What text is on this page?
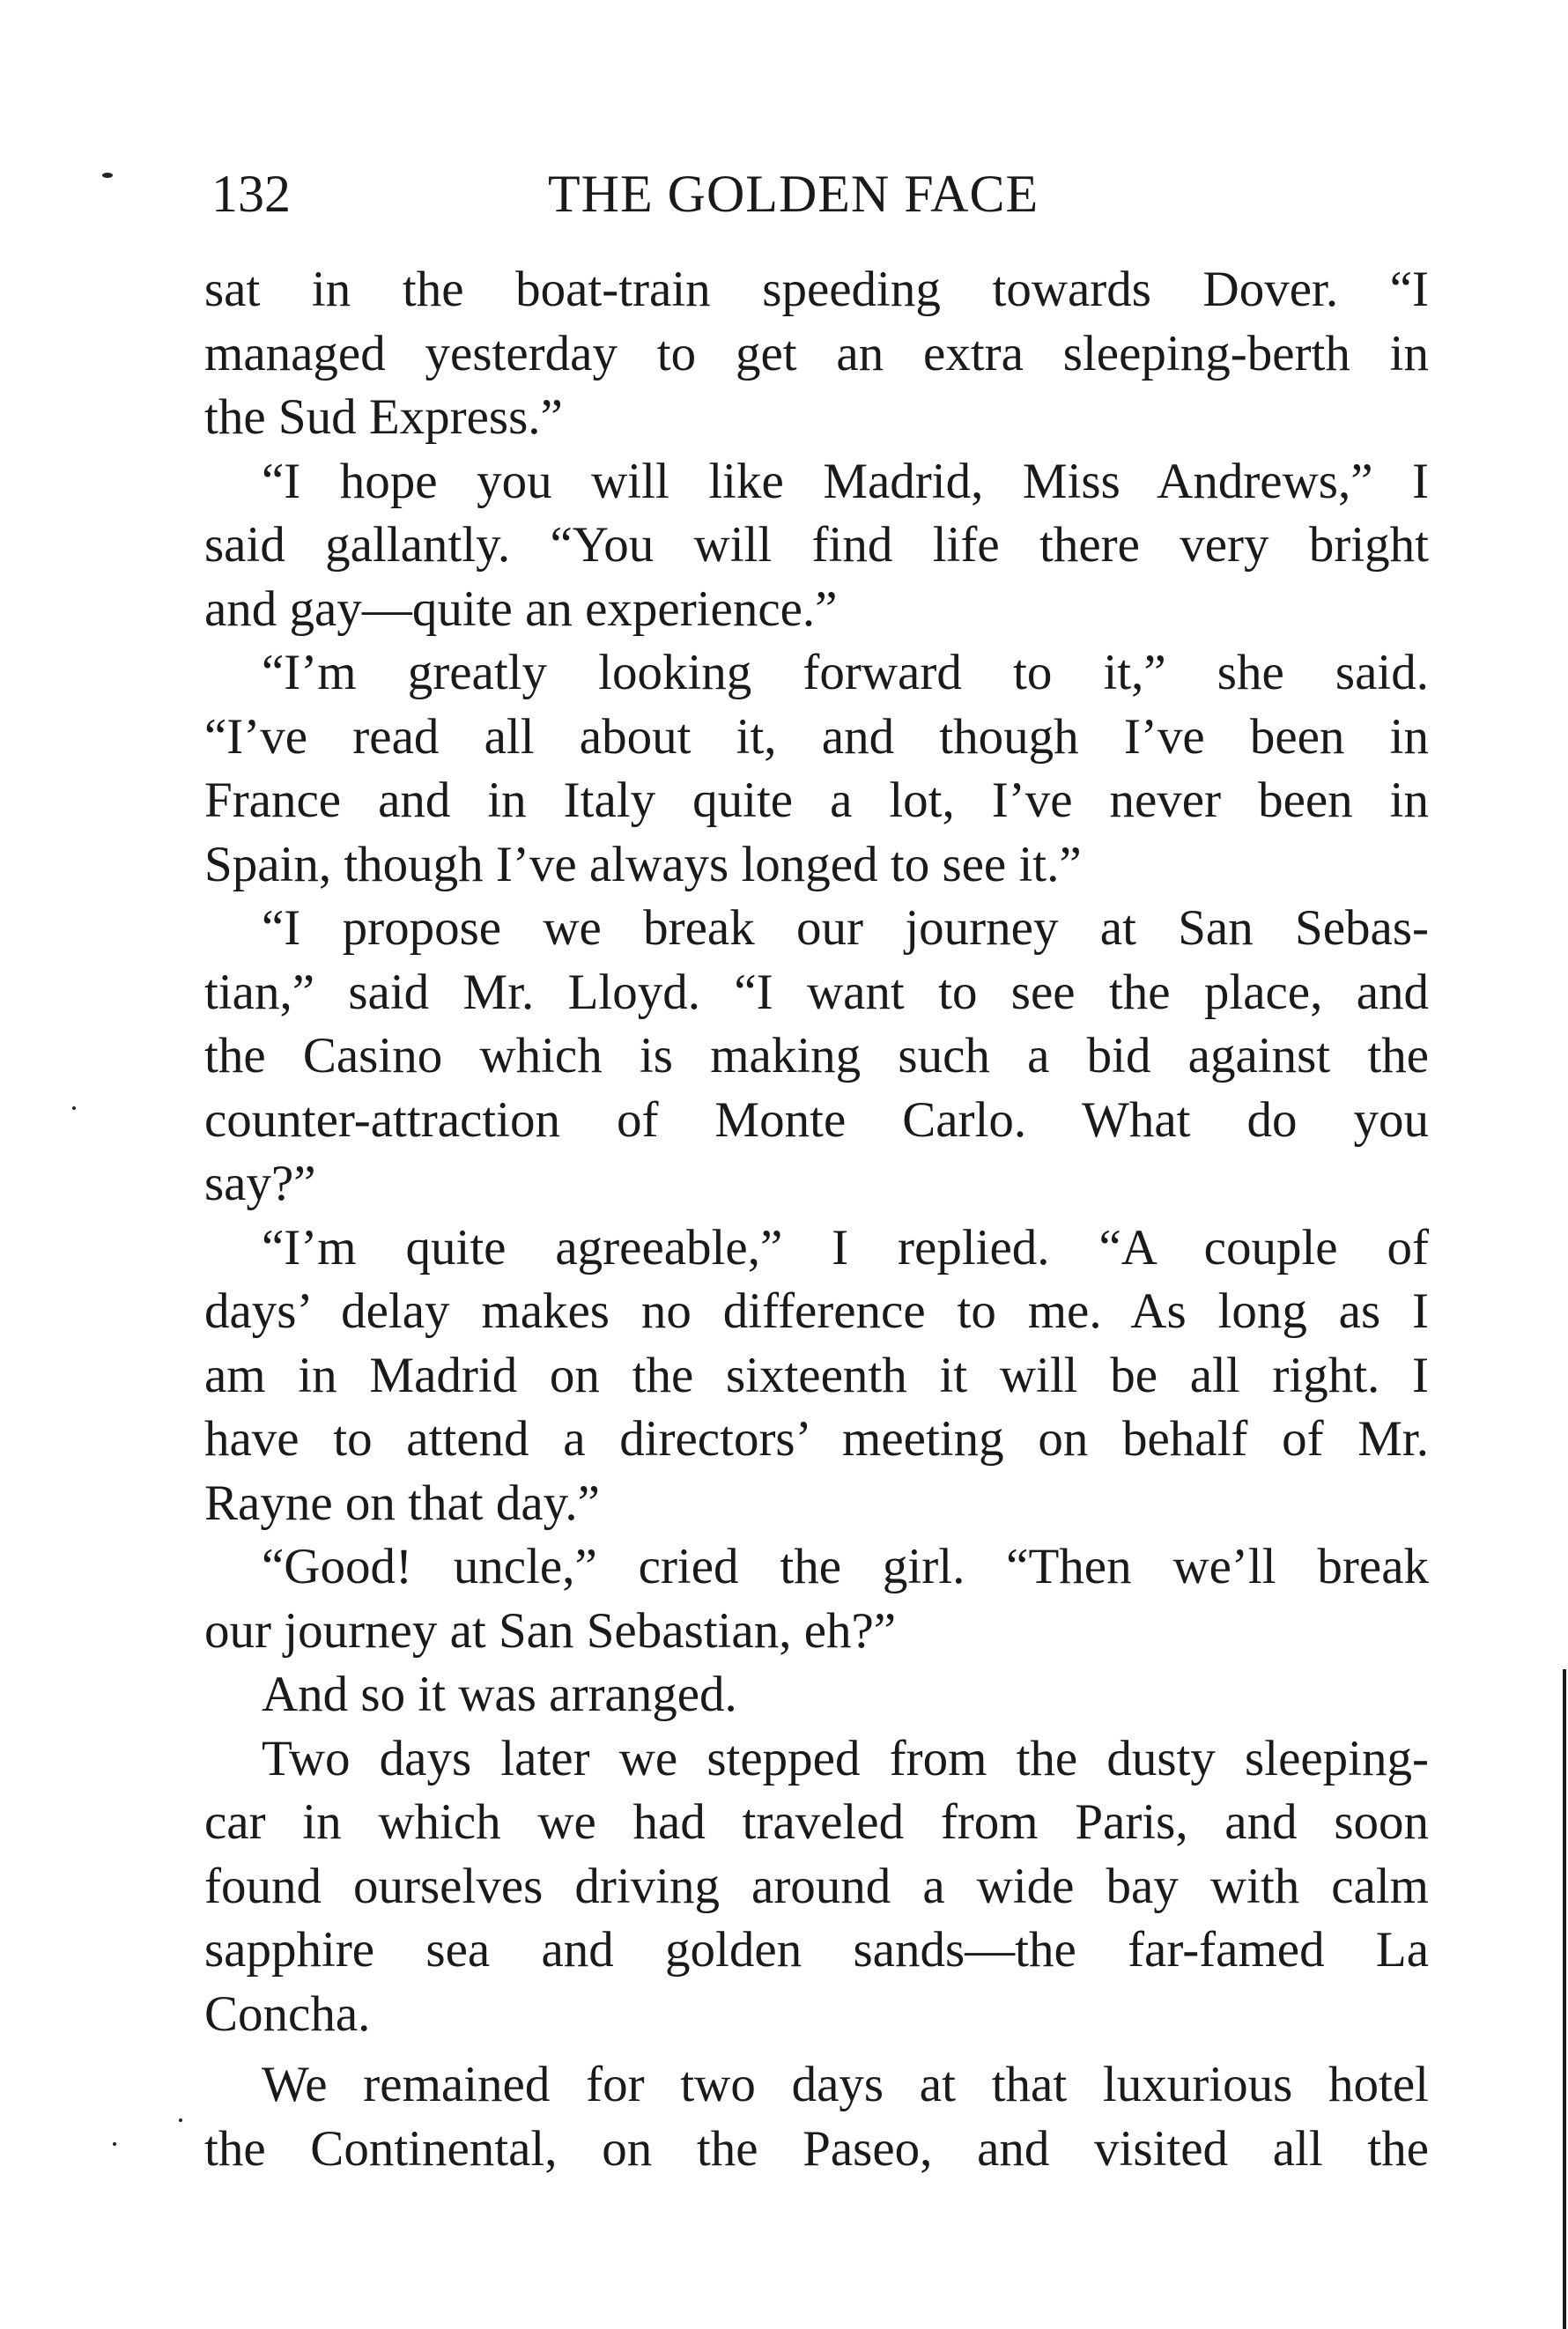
132	THE GOLDEN FACE
sat in the boat-train speeding towards Dover. “I
managed yesterday to get an extra sleeping-berth in
the Sud Express.”
“I hope you will like Madrid, Miss Andrews,” I
said gallantly. “You will find life there very bright
and gay—quite an experience.”
“I’m greatly looking forward to it,” she said.
“I’ve read all about it, and though I’ve been in
France and in Italy quite a lot, I’ve never been in
Spain, though I’ve always longed to see it.”
“I propose we break our journey at San Sebas-
tian,” said Mr. Lloyd. “I want to see the place, and
the Casino which is making such a bid against the
counter-attraction of Monte Carlo. What do you
say?”
“I’m quite agreeable,” I replied. “A couple of
days’ delay makes no difference to me. As long as I
am in Madrid on the sixteenth it will be all right. I
have to attend a directors’ meeting on behalf of Mr.
Rayne on that day.”
“Good! uncle,” cried the girl. “Then we’ll break
our journey at San Sebastian, eh?”
And so it was arranged.
Two days later we stepped from the dusty sleeping-
car in which we had traveled from Paris, and soon
found ourselves driving around a wide bay with calm
sapphire sea and golden sands—the far-famed La
Concha.
We remained for two days at that luxurious hotel
the Continental, on the Paseo, and visited all the
